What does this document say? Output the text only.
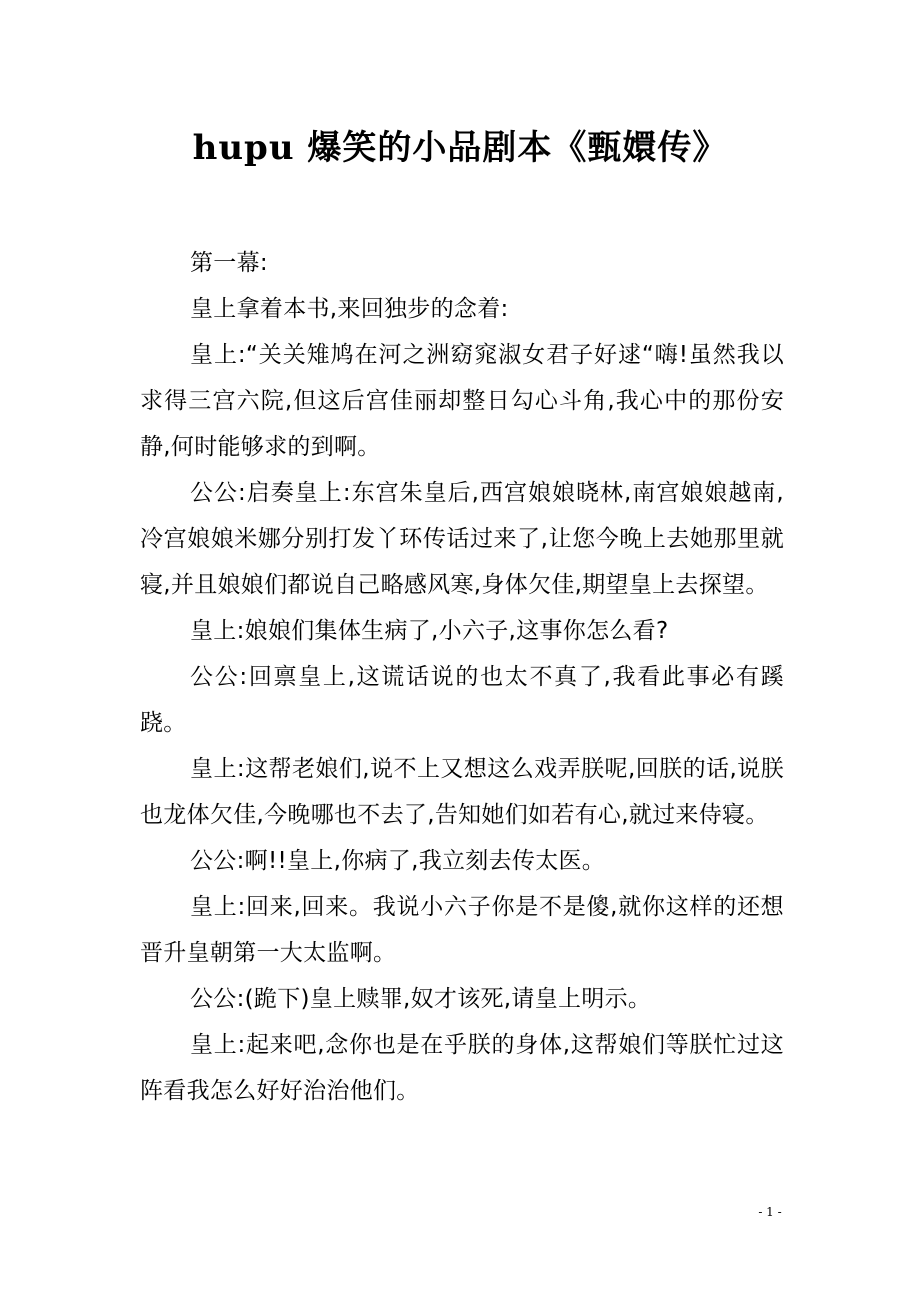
hupu 爆笑的小品剧本《甄嬛传》

第一幕:

皇上拿着本书,来回独步的念着:

皇上:“关关雉鸠在河之洲窈窕淑女君子好逑“嗨!虽然我以求得三宫六院,但这后宫佳丽却整日勾心斗角,我心中的那份安静,何时能够求的到啊。

公公:启奏皇上:东宫朱皇后,西宫娘娘晓林,南宫娘娘越南,冷宫娘娘米娜分别打发丫环传话过来了,让您今晚上去她那里就寝,并且娘娘们都说自己略感风寒,身体欠佳,期望皇上去探望。

皇上:娘娘们集体生病了,小六子,这事你怎么看?

公公:回禀皇上,这谎话说的也太不真了,我看此事必有蹊跷。

皇上:这帮老娘们,说不上又想这么戏弄朕呢,回朕的话,说朕也龙体欠佳,今晚哪也不去了,告知她们如若有心,就过来侍寝。

公公:啊!!皇上,你病了,我立刻去传太医。

皇上:回来,回来。我说小六子你是不是傻,就你这样的还想晋升皇朝第一大太监啊。

公公:(跪下)皇上赎罪,奴才该死,请皇上明示。

皇上:起来吧,念你也是在乎朕的身体,这帮娘们等朕忙过这阵看我怎么好好治治他们。

- 1 -
